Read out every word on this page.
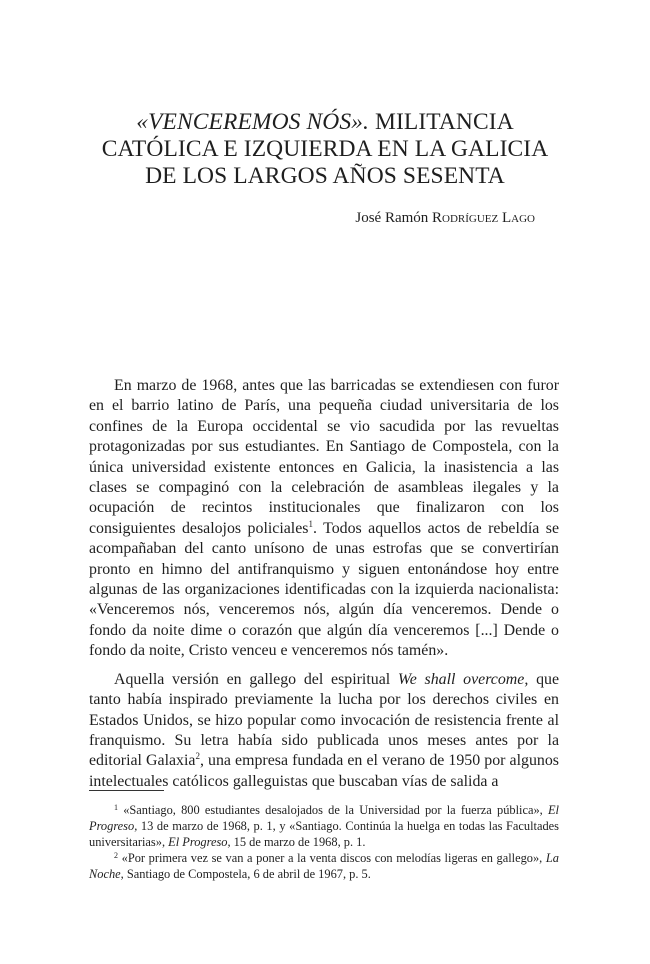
«VENCEREMOS NÓS». MILITANCIA
CATÓLICA E IZQUIERDA EN LA GALICIA
DE LOS LARGOS AÑOS SESENTA
José Ramón Rodríguez Lago

En marzo de 1968, antes que las barricadas se extendiesen con furor en el barrio latino de París, una pequeña ciudad universitaria de los confines de la Europa occidental se vio sacudida por las revueltas protagonizadas por sus estudiantes. En Santiago de Compostela, con la única universidad existente entonces en Galicia, la inasistencia a las clases se compaginó con la celebración de asambleas ilegales y la ocupación de recintos institucionales que finalizaron con los consiguientes desalojos policiales$^1$. Todos aquellos actos de rebeldía se acompañaban del canto unísono de unas estrofas que se convertirían pronto en himno del antifranquismo y siguen entonándose hoy entre algunas de las organizaciones identificadas con la izquierda nacionalista: «Venceremos nós, venceremos nós, algún día venceremos. Dende o fondo da noite dime o corazón que algún día venceremos [...] Dende o fondo da noite, Cristo venceu e venceremos nós tamén».

Aquella versión en gallego del espiritual We shall overcome, que tanto había inspirado previamente la lucha por los derechos civiles en Estados Unidos, se hizo popular como invocación de resistencia frente al franquismo. Su letra había sido publicada unos meses antes por la editorial Galaxia$^2$, una empresa fundada en el verano de 1950 por algunos intelectuales católicos galleguistas que buscaban vías de salida a

$^1$ «Santiago, 800 estudiantes desalojados de la Universidad por la fuerza pública», El Progreso, 13 de marzo de 1968, p. 1, y «Santiago. Continúa la huelga en todas las Facultades universitarias», El Progreso, 15 de marzo de 1968, p. 1.

$^2$ «Por primera vez se van a poner a la venta discos con melodías ligeras en gallego», La Noche, Santiago de Compostela, 6 de abril de 1967, p. 5.
